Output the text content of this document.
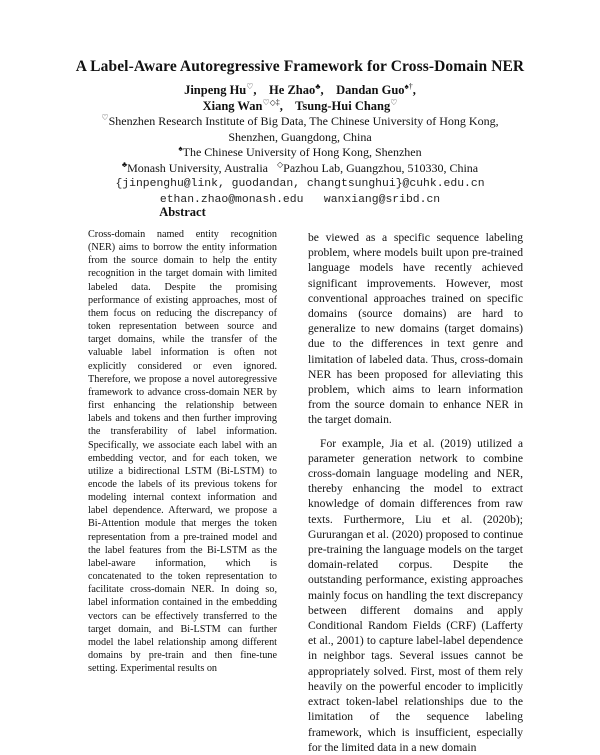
A Label-Aware Autoregressive Framework for Cross-Domain NER
Jinpeng Hu♡,    He Zhao♣,    Dandan Guo♠†,
Xiang Wan♡◇‡,    Tsung-Hui Chang♡
♡Shenzhen Research Institute of Big Data, The Chinese University of Hong Kong,
Shenzhen, Guangdong, China
♠The Chinese University of Hong Kong, Shenzhen
♣Monash University, Australia ◇Pazhou Lab, Guangzhou, 510330, China
{jinpenghu@link, guodandan, changtsunghui}@cuhk.edu.cn
ethan.zhao@monash.edu wanxiang@sribd.cn
Abstract
Cross-domain named entity recognition (NER) aims to borrow the entity information from the source domain to help the entity recognition in the target domain with limited labeled data. Despite the promising performance of existing approaches, most of them focus on reducing the discrepancy of token representation between source and target domains, while the transfer of the valuable label information is often not explicitly considered or even ignored. Therefore, we propose a novel autoregressive framework to advance cross-domain NER by first enhancing the relationship between labels and tokens and then further improving the transferability of label information. Specifically, we associate each label with an embedding vector, and for each token, we utilize a bidirectional LSTM (Bi-LSTM) to encode the labels of its previous tokens for modeling internal context information and label dependence. Afterward, we propose a Bi-Attention module that merges the token representation from a pre-trained model and the label features from the Bi-LSTM as the label-aware information, which is concatenated to the token representation to facilitate cross-domain NER. In doing so, label information contained in the embedding vectors can be effectively transferred to the target domain, and Bi-LSTM can further model the label relationship among different domains by pre-train and then fine-tune setting. Experimental results on

be viewed as a specific sequence labeling problem, where models built upon pre-trained language models have recently achieved significant improvements. However, most conventional approaches trained on specific domains (source domains) are hard to generalize to new domains (target domains) due to the differences in text genre and limitation of labeled data. Thus, cross-domain NER has been proposed for alleviating this problem, which aims to learn information from the source domain to enhance NER in the target domain.

For example, Jia et al. (2019) utilized a parameter generation network to combine cross-domain language modeling and NER, thereby enhancing the model to extract knowledge of domain differences from raw texts. Furthermore, Liu et al. (2020b); Gururangan et al. (2020) proposed to continue pre-training the language models on the target domain-related corpus. Despite the outstanding performance, existing approaches mainly focus on handling the text discrepancy between different domains and apply Conditional Random Fields (CRF) (Lafferty et al., 2001) to capture label-label dependence in neighbor tags. Several issues cannot be appropriately solved. First, most of them rely heavily on the powerful encoder to implicitly extract token-label relationships due to the limitation of the sequence labeling framework, which is insufficient, especially for the limited data in a new domain
